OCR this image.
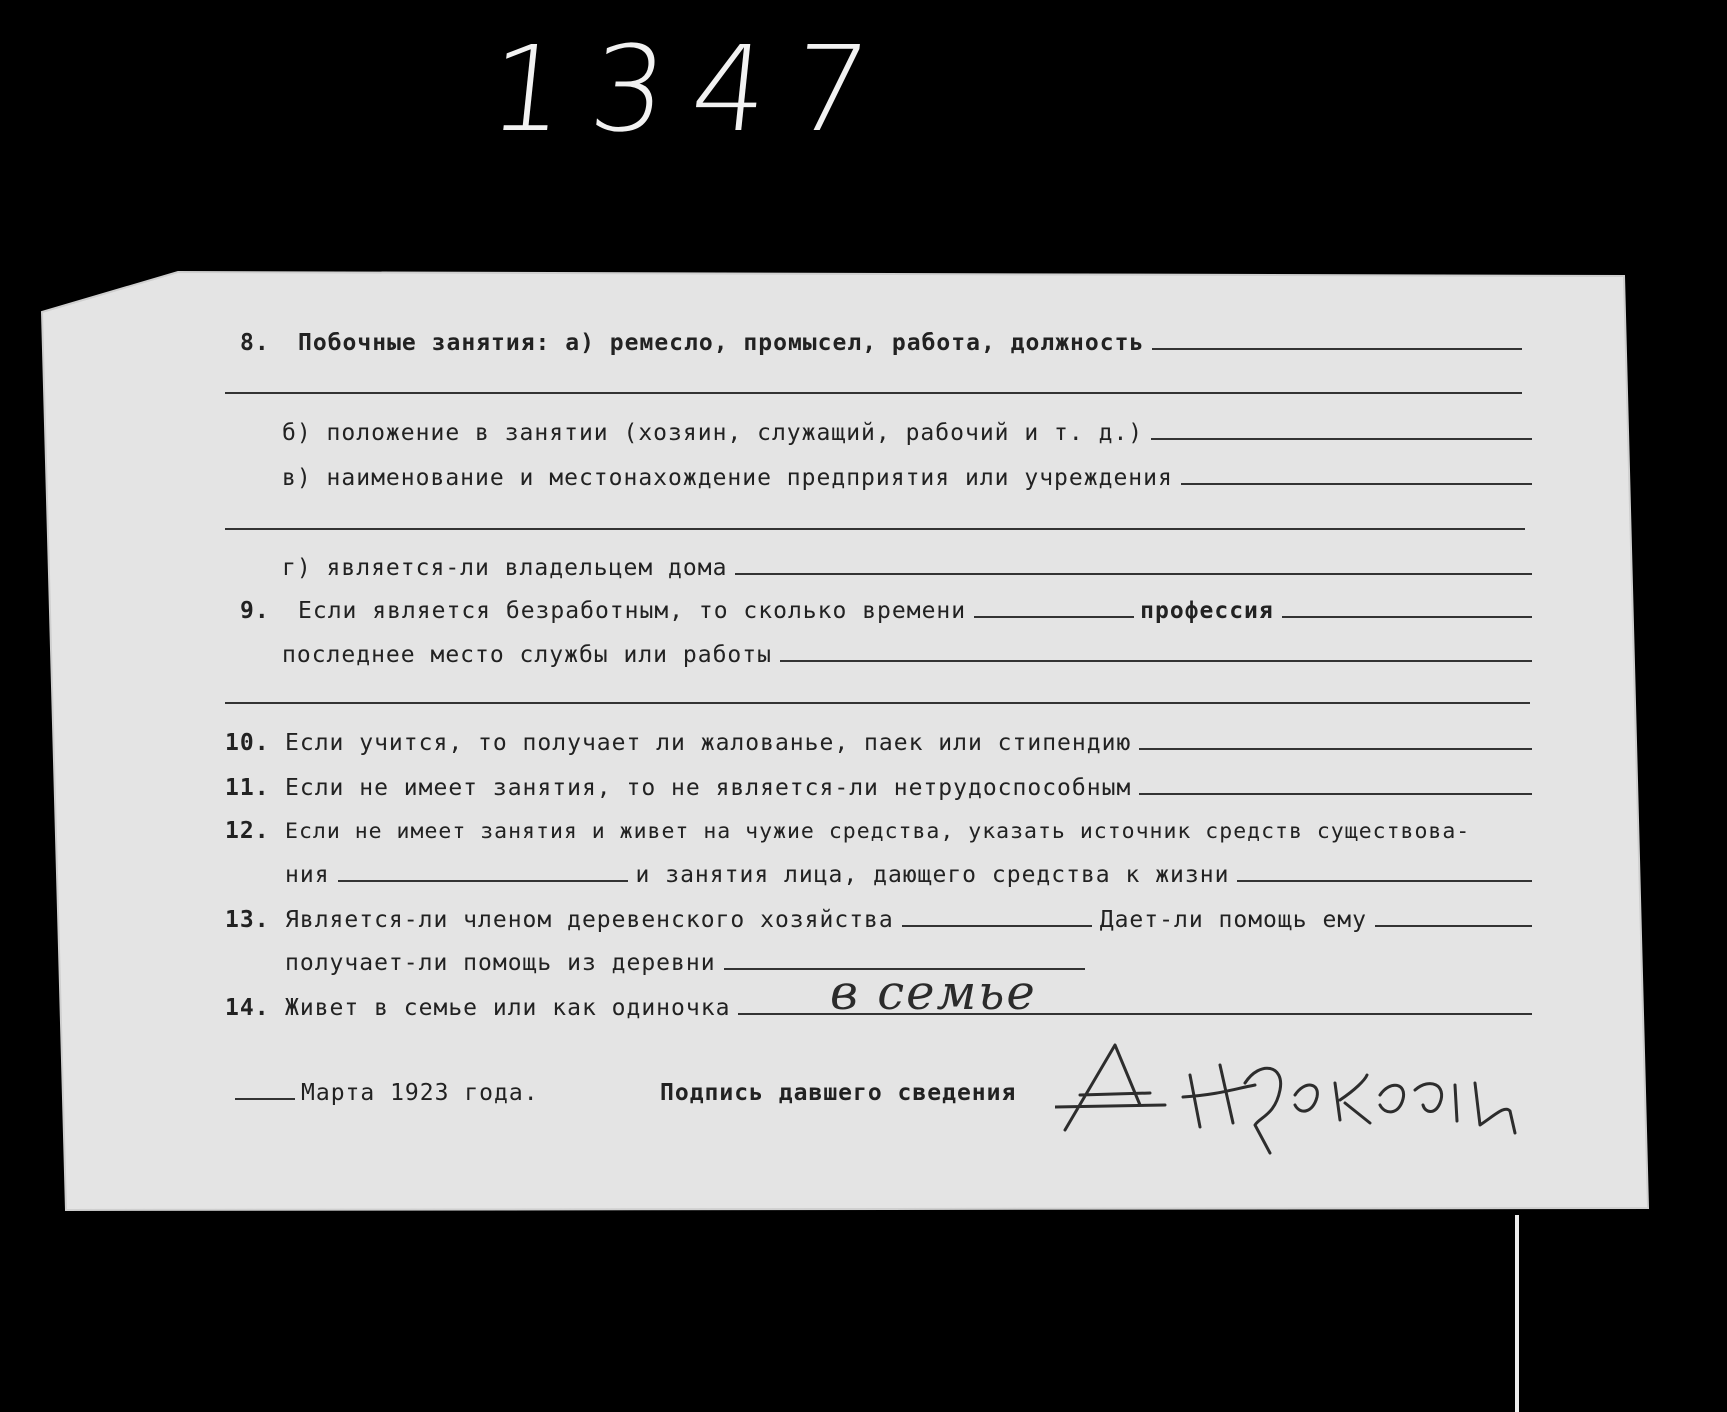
1347
8.	Побочные занятия: а) ремесло, промысел, работа, должность
б) положение в занятии (хозяин, служащий, рабочий и т. д.)
в) наименование и местонахождение предприятия или учреждения
г) является-ли владельцем дома
9.	Если является безработным, то сколько времени	профессия
последнее место службы или работы
10. Если учится, то получает ли жалованье, паек или стипендию
11. Если не имеет занятия, то не является-ли нетрудоспособным
12. Если не имеет занятия и живет на чужие средства, указать источник средств существова-
ния	и занятия лица, дающего средства к жизни
13. Является-ли членом деревенского хозяйства	Дает-ли помощь ему
получает-ли помощь из деревни
14. Живет в семье или как одиночка в семье
Марта 1923 года.	Подпись давшего сведения
